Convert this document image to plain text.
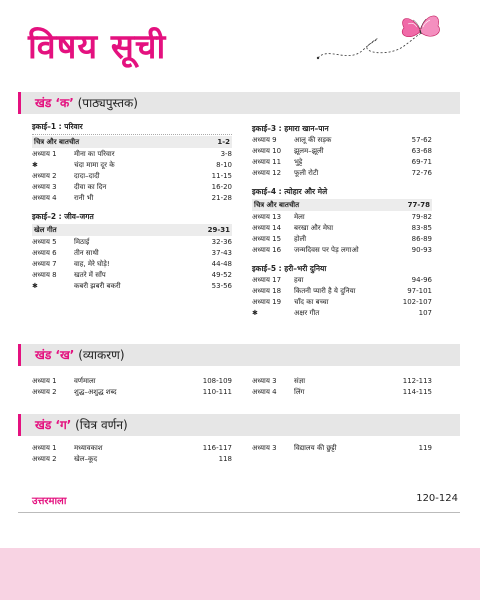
विषय सूची
खंड ‘क’ (पाठ्यपुस्तक)
इकाई–1 : परिवार
चित्र और बातचीत	1-2
अध्याय 1 मीना का परिवार	3-8
✱	चंदा मामा दूर के	8-10
अध्याय 2 दादा–दादी	11-15
अध्याय 3 दीवा का दिन	16-20
अध्याय 4 रानी भी	21-28
इकाई–2 : जीव–जगत
खेल गीत	29-31
अध्याय 5 मिठाई	32-36
अध्याय 6 तीन साथी	37-43
अध्याय 7 वाह, मेरे घोड़े!	44-48
अध्याय 8 खतरे में साँप	49-52
✱	कबरी झबरी बकरी	53-56
इकाई–3 : हमारा खान–पान
अध्याय 9 आलू की सड़क	57-62
अध्याय 10 झूलम–झूली	63-68
अध्याय 11 भुट्टे	69-71
अध्याय 12 फूली रोटी	72-76
इकाई–4 : त्योहार और मेले
चित्र और बातचीत	77-78
अध्याय 13 मेला	79-82
अध्याय 14 बरखा और मेघा	83-85
अध्याय 15 होली	86-89
अध्याय 16 जन्मदिवस पर पेड़ लगाओ	90-93
इकाई–5 : हरी–भरी दुनिया
अध्याय 17 हवा	94-96
अध्याय 18 कितनी प्यारी है ये दुनिया	97-101
अध्याय 19 चाँद का बच्चा	102-107
✱	अक्षर गीत	107
खंड ‘ख’ (व्याकरण)
अध्याय 1 वर्णमाला	108-109
अध्याय 2 शुद्ध–अशुद्ध शब्द	110-111
अध्याय 3 संज्ञा	112-113
अध्याय 4 लिंग	114-115
खंड ‘ग’ (चित्र वर्णन)
अध्याय 1 मध्यावकाश	116-117
अध्याय 2 खेल–कूद	118
अध्याय 3 विद्यालय की छुट्टी	119
उत्तरमाला	120-124
